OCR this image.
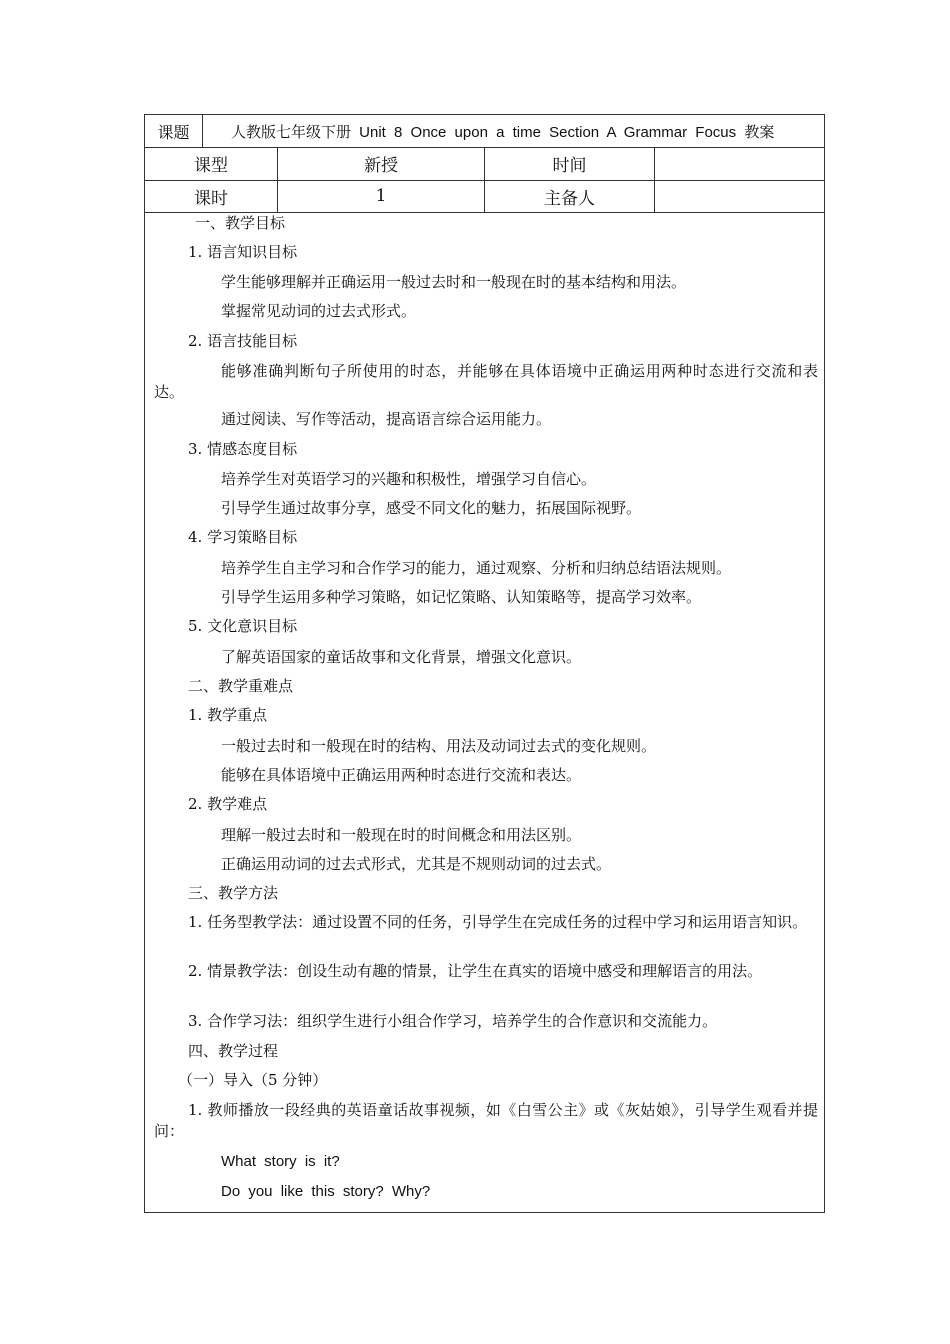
课题	人教版七年级下册 Unit 8 Once upon a time Section A Grammar Focus 教案
课型	新授	时间
课时	1	主备人
一、教学目标
1. 语言知识目标
学生能够理解并正确运用一般过去时和一般现在时的基本结构和用法。
掌握常见动词的过去式形式。
2. 语言技能目标
能够准确判断句子所使用的时态，并能够在具体语境中正确运用两种时态进行交流和表达。
通过阅读、写作等活动，提高语言综合运用能力。
3. 情感态度目标
培养学生对英语学习的兴趣和积极性，增强学习自信心。
引导学生通过故事分享，感受不同文化的魅力，拓展国际视野。
4. 学习策略目标
培养学生自主学习和合作学习的能力，通过观察、分析和归纳总结语法规则。
引导学生运用多种学习策略，如记忆策略、认知策略等，提高学习效率。
5. 文化意识目标
了解英语国家的童话故事和文化背景，增强文化意识。
二、教学重难点
1. 教学重点
一般过去时和一般现在时的结构、用法及动词过去式的变化规则。
能够在具体语境中正确运用两种时态进行交流和表达。
2. 教学难点
理解一般过去时和一般现在时的时间概念和用法区别。
正确运用动词的过去式形式，尤其是不规则动词的过去式。
三、教学方法
1. 任务型教学法：通过设置不同的任务，引导学生在完成任务的过程中学习和运用语言知识。
2. 情景教学法：创设生动有趣的情景，让学生在真实的语境中感受和理解语言的用法。
3. 合作学习法：组织学生进行小组合作学习，培养学生的合作意识和交流能力。
四、教学过程
（一）导入（5 分钟）
1. 教师播放一段经典的英语童话故事视频，如《白雪公主》或《灰姑娘》，引导学生观看并提问：
What story is it?
Do you like this story? Why?
